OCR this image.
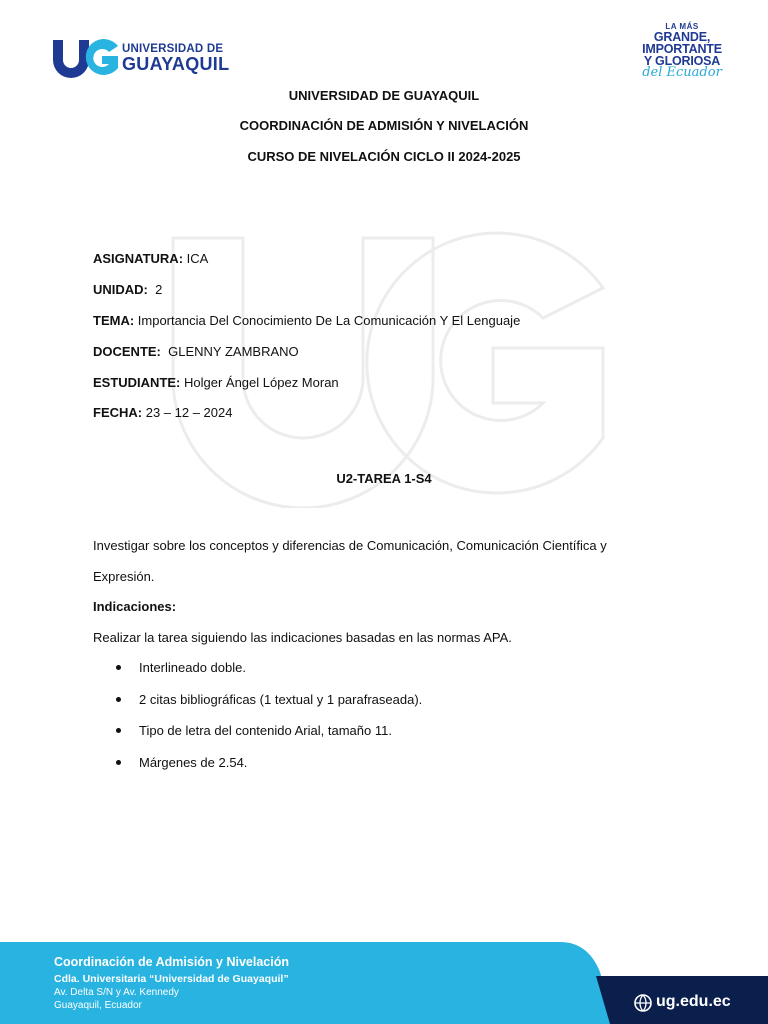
UNIVERSIDAD DE
GUAYAQUIL
LA MÁS
GRANDE,
IMPORTANTE
Y GLORIOSA
del Ecuador
UNIVERSIDAD DE GUAYAQUIL
COORDINACIÓN DE ADMISIÓN Y NIVELACIÓN
CURSO DE NIVELACIÓN CICLO II 2024-2025
ASIGNATURA: ICA
UNIDAD:  2
TEMA: Importancia Del Conocimiento De La Comunicación Y El Lenguaje
DOCENTE:  GLENNY ZAMBRANO
ESTUDIANTE: Holger Ángel López Moran
FECHA: 23 – 12 – 2024
U2-TAREA 1-S4
Investigar sobre los conceptos y diferencias de Comunicación, Comunicación Científica y
Expresión.
Indicaciones:
Realizar la tarea siguiendo las indicaciones basadas en las normas APA.
Interlineado doble.
2 citas bibliográficas (1 textual y 1 parafraseada).
Tipo de letra del contenido Arial, tamaño 11.
Márgenes de 2.54.
Coordinación de Admisión y Nivelación
Cdla. Universitaria “Universidad de Guayaquil”
Av. Delta S/N y Av. Kennedy
Guayaquil, Ecuador	ug.edu.ec
